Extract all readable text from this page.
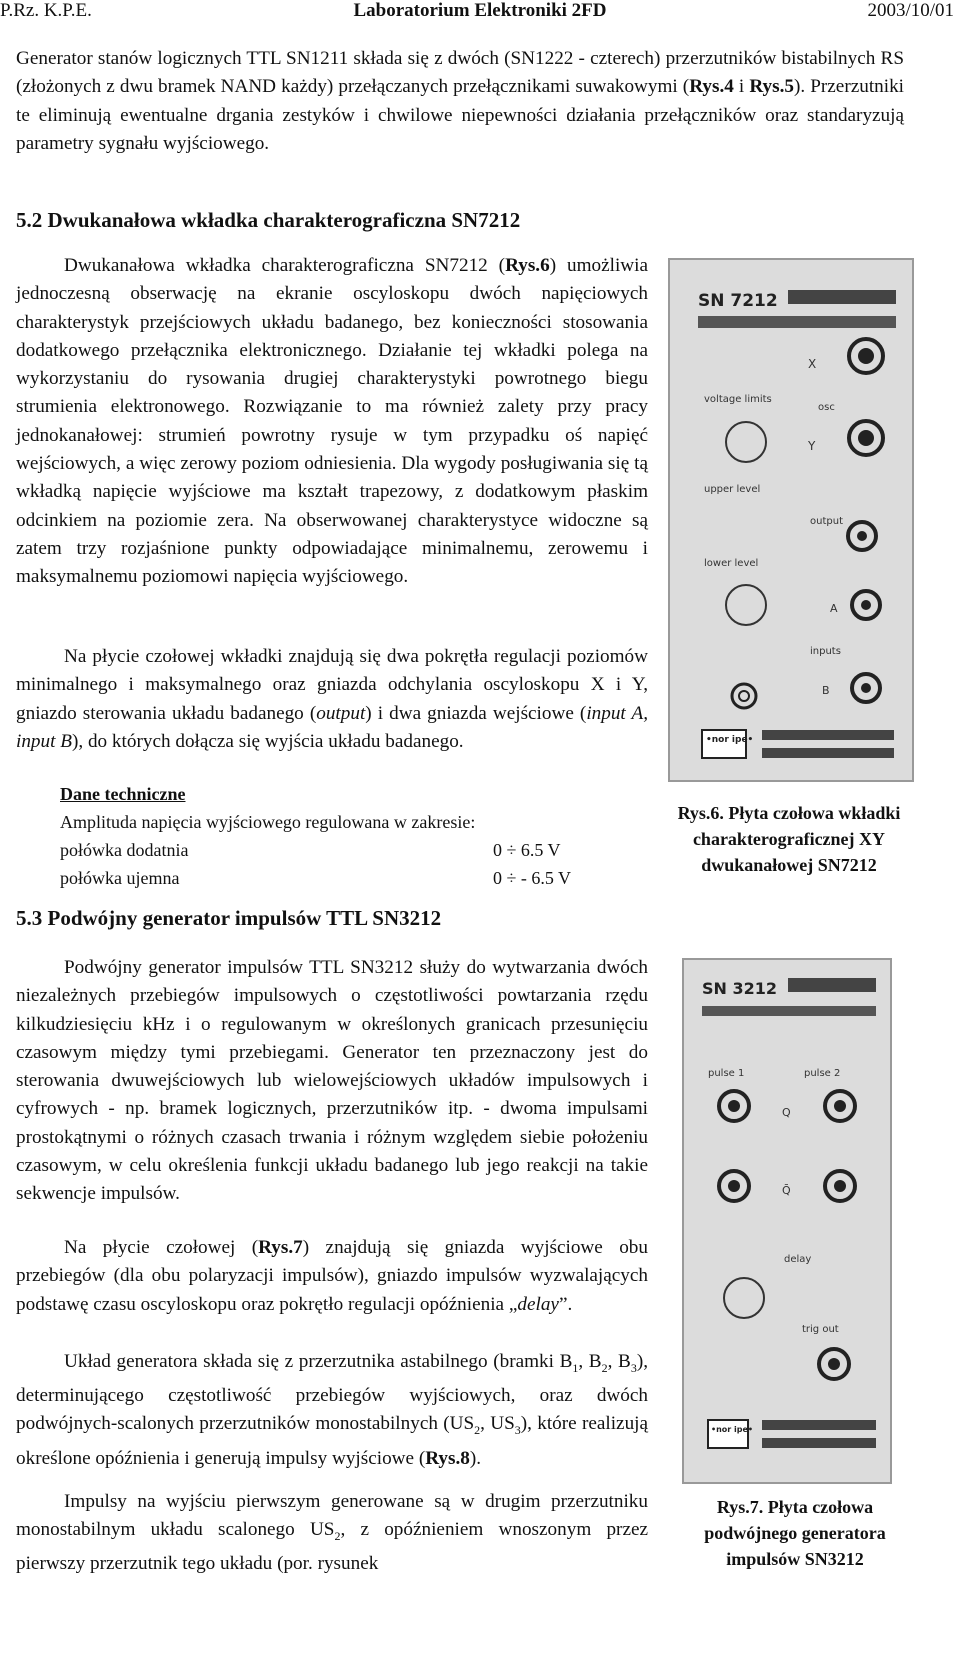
P.Rz. K.P.E.	Laboratorium Elektroniki 2FD	2003/10/01
Generator stanów logicznych TTL SN1211 składa się z dwóch (SN1222 - czterech) przerzutników bistabilnych RS (złożonych z dwu bramek NAND każdy) przełączanych przełącznikami suwakowymi (Rys.4 i Rys.5). Przerzutniki te eliminują ewentualne drgania zestyków i chwilowe niepewności działania przełączników oraz standaryzują parametry sygnału wyjściowego.
5.2 Dwukanałowa wkładka charakterograficzna SN7212
Dwukanałowa wkładka charakterograficzna SN7212 (Rys.6) umożliwia jednoczesną obserwację na ekranie oscyloskopu dwóch napięciowych charakterystyk przejściowych układu badanego, bez konieczności stosowania dodatkowego przełącznika elektronicznego. Działanie tej wkładki polega na wykorzystaniu do rysowania drugiej charakterystyki powrotnego biegu strumienia elektronowego. Rozwiązanie to ma również zalety przy pracy jednokanałowej: strumień powrotny rysuje w tym przypadku oś napięć wejściowych, a więc zerowy poziom odniesienia. Dla wygody posługiwania się tą wkładką napięcie wyjściowe ma kształt trapezowy, z dodatkowym płaskim odcinkiem na poziomie zera. Na obserwowanej charakterystyce widoczne są zatem trzy rozjaśnione punkty odpowiadające minimalnemu, zerowemu i maksymalnemu poziomowi napięcia wyjściowego.
Na płycie czołowej wkładki znajdują się dwa pokrętła regulacji poziomów minimalnego i maksymalnego oraz gniazda odchylania oscyloskopu X i Y, gniazdo sterowania układu badanego (output) i dwa gniazda wejściowe (input A, input B), do których dołącza się wyjścia układu badanego.
Dane techniczne
Amplituda napięcia wyjściowego regulowana w zakresie:
połówka dodatnia	0 ÷ 6.5 V
połówka ujemna	0 ÷ - 6.5 V
SN 7212
X
voltage limits
osc
Y
upper level
output
lower level
A
inputs
B
•nor ipe•
Rys.6. Płyta czołowa wkładki charakterograficznej XY dwukanałowej SN7212
5.3 Podwójny generator impulsów TTL SN3212
Podwójny generator impulsów TTL SN3212 służy do wytwarzania dwóch niezależnych przebiegów impulsowych o częstotliwości powtarzania rzędu kilkudziesięciu kHz i o regulowanym w określonych granicach przesunięciu czasowym między tymi przebiegami. Generator ten przeznaczony jest do sterowania dwuwejściowych lub wielowejściowych układów impulsowych i cyfrowych - np. bramek logicznych, przerzutników itp. - dwoma impulsami prostokątnymi o różnych czasach trwania i różnym względem siebie położeniu czasowym, w celu określenia funkcji układu badanego lub jego reakcji na takie sekwencje impulsów.
Na płycie czołowej (Rys.7) znajdują się gniazda wyjściowe obu przebiegów (dla obu polaryzacji impulsów), gniazdo impulsów wyzwalających podstawę czasu oscyloskopu oraz pokrętło regulacji opóźnienia „delay”.
Układ generatora składa się z przerzutnika astabilnego (bramki $B_1$, $B_2$, $B_3$), determinującego częstotliwość przebiegów wyjściowych, oraz dwóch podwójnych-scalonych przerzutników monostabilnych ($US_2$, $US_3$), które realizują określone opóźnienia i generują impulsy wyjściowe (Rys.8).
Impulsy na wyjściu pierwszym generowane są w drugim przerzutniku monostabilnym układu scalonego $US_2$, z opóźnieniem wnoszonym przez pierwszy przerzutnik tego układu (por. rysunek
SN 3212
pulse 1	pulse 2
Q
Q̄
delay
trig out
•nor ipe•
Rys.7. Płyta czołowa podwójnego generatora impulsów SN3212
